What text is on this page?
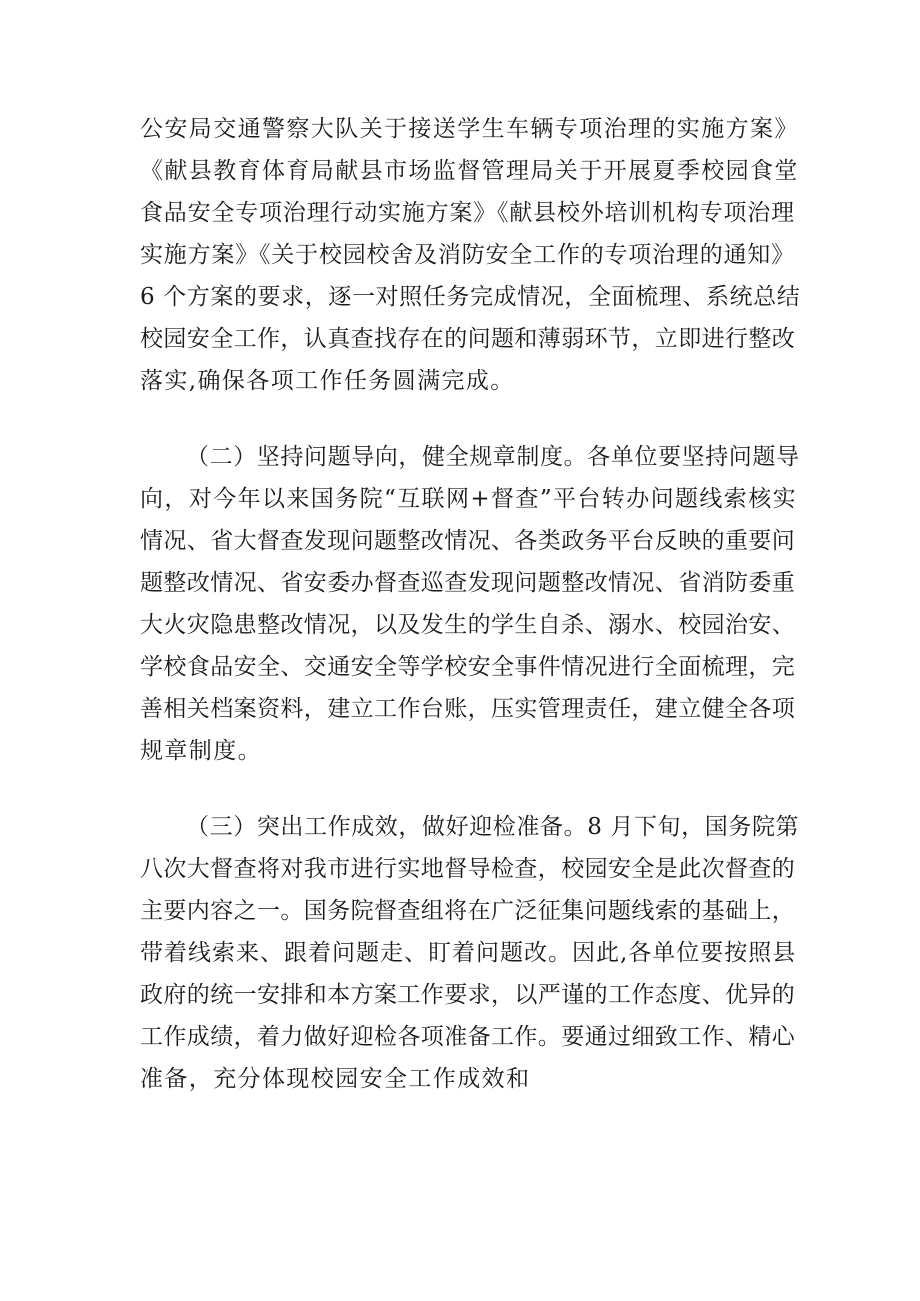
公安局交通警察大队关于接送学生车辆专项治理的实施方案》
《献县教育体育局献县市场监督管理局关于开展夏季校园食堂
食品安全专项治理行动实施方案》《献县校外培训机构专项治理
实施方案》《关于校园校舍及消防安全工作的专项治理的通知》
6 个方案的要求，逐一对照任务完成情况，全面梳理、系统总结
校园安全工作，认真查找存在的问题和薄弱环节，立即进行整改
落实,确保各项工作任务圆满完成。
（二）坚持问题导向，健全规章制度。各单位要坚持问题导
向，对今年以来国务院“互联网+督查”平台转办问题线索核实
情况、省大督查发现问题整改情况、各类政务平台反映的重要问
题整改情况、省安委办督查巡查发现问题整改情况、省消防委重
大火灾隐患整改情况，以及发生的学生自杀、溺水、校园治安、
学校食品安全、交通安全等学校安全事件情况进行全面梳理，完
善相关档案资料，建立工作台账，压实管理责任，建立健全各项
规章制度。
（三）突出工作成效，做好迎检准备。8 月下旬，国务院第
八次大督查将对我市进行实地督导检查，校园安全是此次督查的
主要内容之一。国务院督查组将在广泛征集问题线索的基础上，
带着线索来、跟着问题走、盯着问题改。因此,各单位要按照县
政府的统一安排和本方案工作要求，以严谨的工作态度、优异的
工作成绩，着力做好迎检各项准备工作。要通过细致工作、精心
准备，充分体现校园安全工作成效和
